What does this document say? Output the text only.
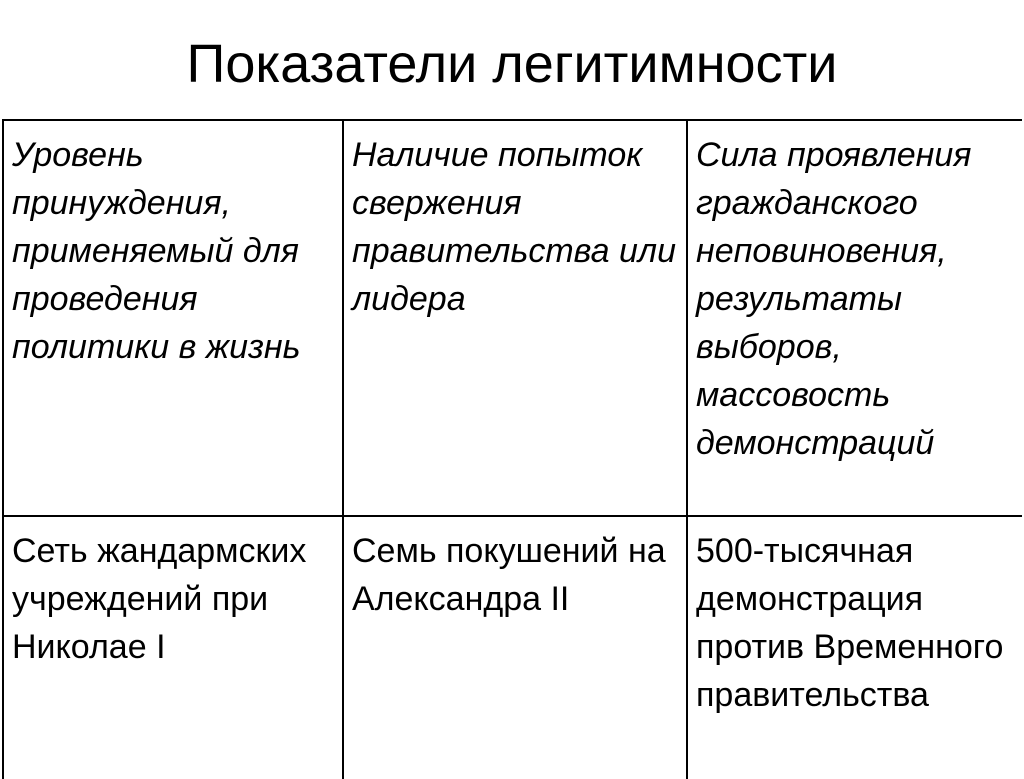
Показатели легитимности
Уровень принуждения, применяемый для проведения политики в жизнь	Наличие попыток свержения правительства или лидера	Сила проявления гражданского неповиновения, результаты выборов, массовость демонстраций
Сеть жандармских учреждений при Николае I	Семь покушений на Александра II	500-тысячная демонстрация против Временного правительства
